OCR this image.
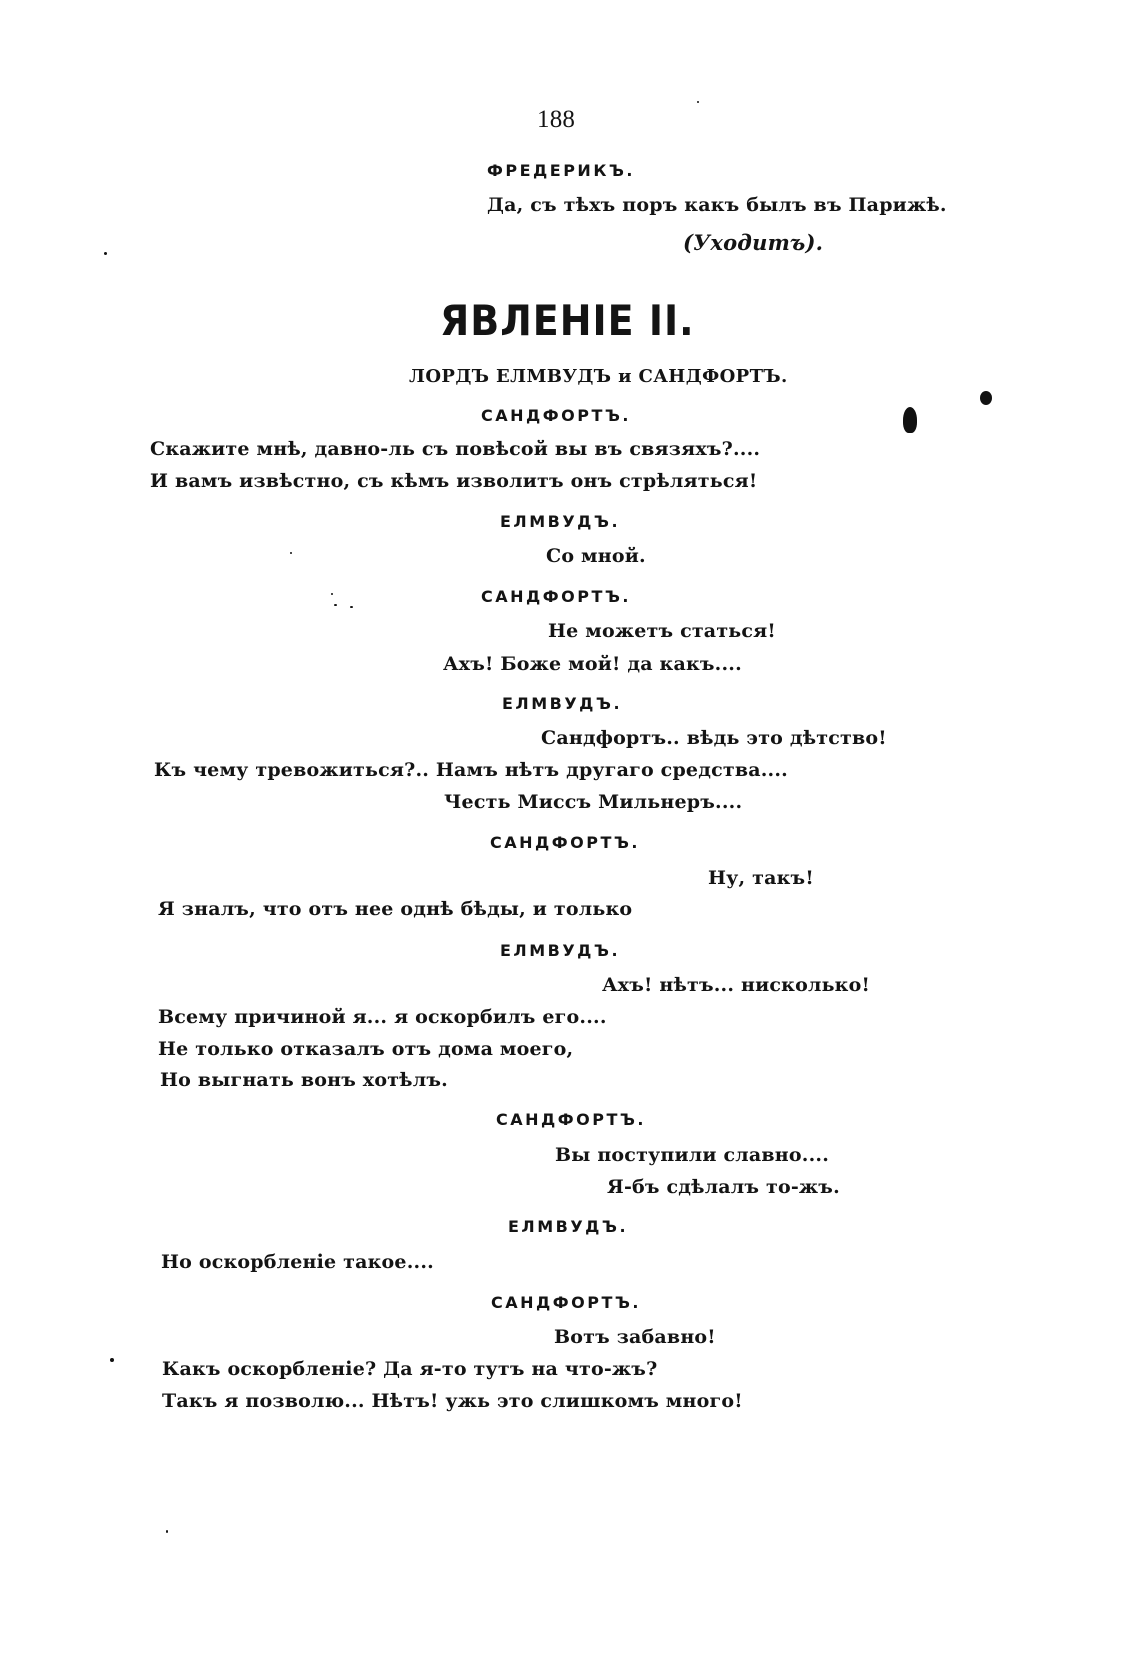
188
ФРЕДЕРИКЪ.
Да, съ тѣхъ поръ какъ былъ въ Парижѣ.
(Уходитъ).
ЯВЛЕНІЕ II.
ЛОРДЪ ЕЛМВУДЪ и САНДФОРТЪ.
САНДФОРТЪ.
Скажите мнѣ, давно-ль съ повѣсой вы въ связяхъ?....
И вамъ извѣстно, съ кѣмъ изволитъ онъ стрѣляться!
ЕЛМВУДЪ.
Со мной.
САНДФОРТЪ.
Не можетъ статься!
Ахъ! Боже мой! да какъ....
ЕЛМВУДЪ.
Сандфортъ.. вѣдь это дѣтство!
Къ чему тревожиться?.. Намъ нѣтъ другаго средства....
Честь Миссъ Мильнеръ....
САНДФОРТЪ.
Ну, такъ!
Я зналъ, что отъ нее однѣ бѣды, и только
ЕЛМВУДЪ.
Ахъ! нѣтъ... нисколько!
Всему причиной я... я оскорбилъ его....
Не только отказалъ отъ дома моего,
Но выгнать вонъ хотѣлъ.
САНДФОРТЪ.
Вы поступили славно....
Я-бъ сдѣлалъ то-жъ.
ЕЛМВУДЪ.
Но оскорбленіе такое....
САНДФОРТЪ.
Вотъ забавно!
Какъ оскорбленіе? Да я-то тутъ на что-жъ?
Такъ я позволю... Нѣтъ! ужь это слишкомъ много!
